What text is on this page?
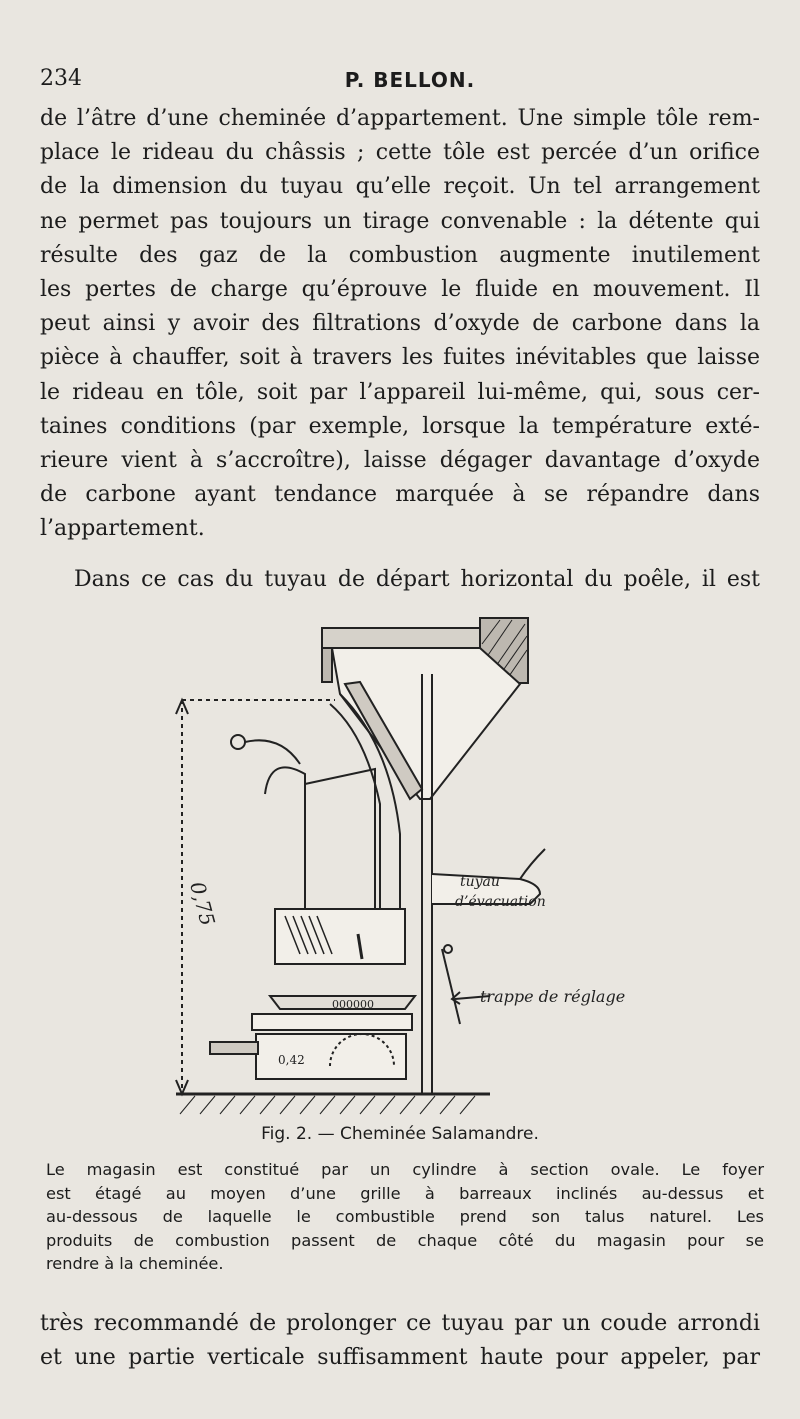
234	P. BELLON.
de l’âtre d’une cheminée d’appartement. Une simple tôle rem-
place le rideau du châssis ; cette tôle est percée d’un orifice
de la dimension du tuyau qu’elle reçoit. Un tel arrangement
ne permet pas toujours un tirage convenable : la détente qui
résulte des gaz de la combustion augmente inutilement
les pertes de charge qu’éprouve le fluide en mouvement. Il
peut ainsi y avoir des filtrations d’oxyde de carbone dans la
pièce à chauffer, soit à travers les fuites inévitables que laisse
le rideau en tôle, soit par l’appareil lui-même, qui, sous cer-
taines conditions (par exemple, lorsque la température exté-
rieure vient à s’accroître), laisse dégager davantage d’oxyde
de carbone ayant tendance marquée à se répandre dans
l’appartement.
Dans ce cas du tuyau de départ horizontal du poêle, il est
0,75	tuyau
d’évacuation
trappe de réglage
0,42
000000
Fig. 2. — Cheminée Salamandre.
Le magasin est constitué par un cylindre à section ovale. Le foyer
est étagé au moyen d’une grille à barreaux inclinés au-dessus et
au-dessous de laquelle le combustible prend son talus naturel. Les
produits de combustion passent de chaque côté du magasin pour se
rendre à la cheminée.
très recommandé de prolonger ce tuyau par un coude arrondi
et une partie verticale suffisamment haute pour appeler, par
